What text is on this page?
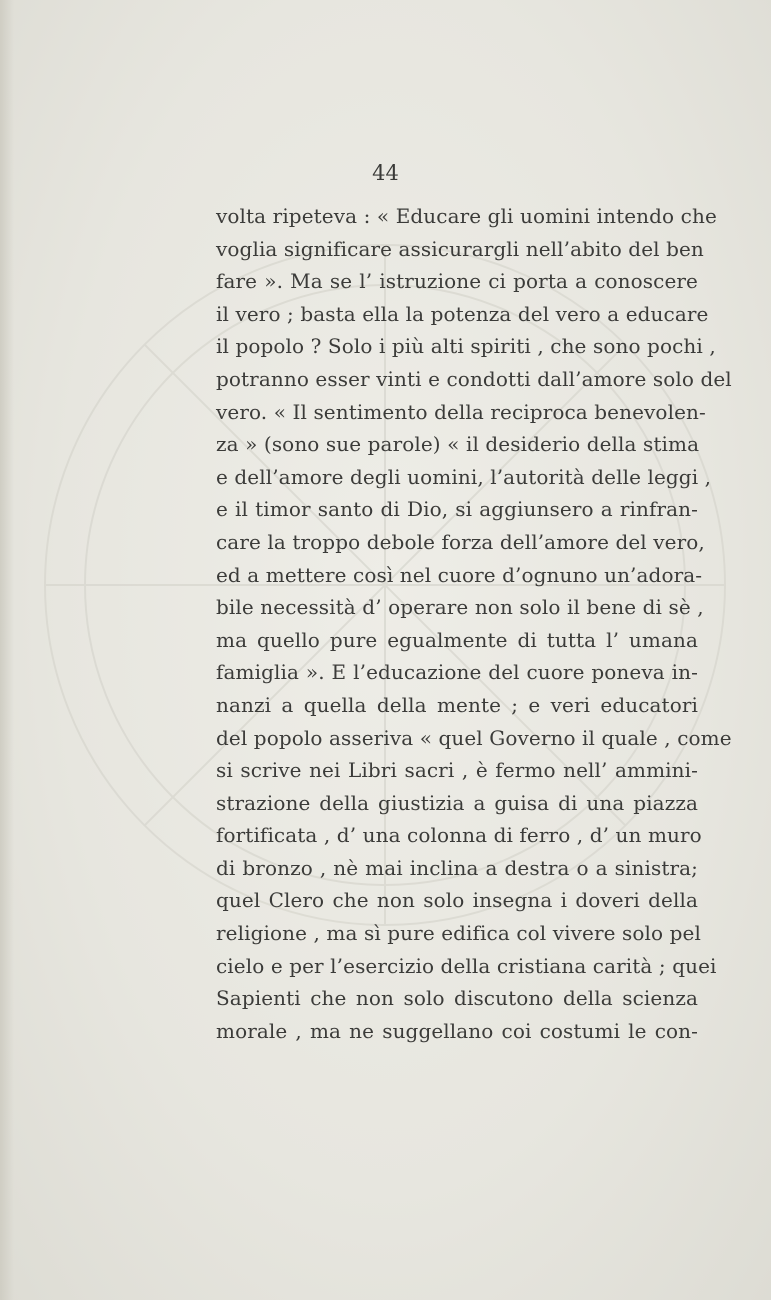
44
volta ripeteva : « Educare gli uomini intendo che
voglia significare assicurargli nell’abito del ben
fare ». Ma se l’ istruzione ci porta a conoscere
il vero ; basta ella la potenza del vero a educare
il popolo ? Solo i più alti spiriti , che sono pochi ,
potranno esser vinti e condotti dall’amore solo del
vero. « Il sentimento della reciproca benevolen-
za » (sono sue parole) « il desiderio della stima
e dell’amore degli uomini, l’autorità delle leggi ,
e il timor santo di Dio, si aggiunsero a rinfran-
care la troppo debole forza dell’amore del vero,
ed a mettere così nel cuore d’ognuno un’adora-
bile necessità d’ operare non solo il bene di sè ,
ma quello pure egualmente di tutta l’ umana
famiglia ». E l’educazione del cuore poneva in-
nanzi a quella della mente ; e veri educatori
del popolo asseriva « quel Governo il quale , come
si scrive nei Libri sacri , è fermo nell’ ammini-
strazione della giustizia a guisa di una piazza
fortificata , d’ una colonna di ferro , d’ un muro
di bronzo , nè mai inclina a destra o a sinistra;
quel Clero che non solo insegna i doveri della
religione , ma sì pure edifica col vivere solo pel
cielo e per l’esercizio della cristiana carità ; quei
Sapienti che non solo discutono della scienza
morale , ma ne suggellano coi costumi le con-
